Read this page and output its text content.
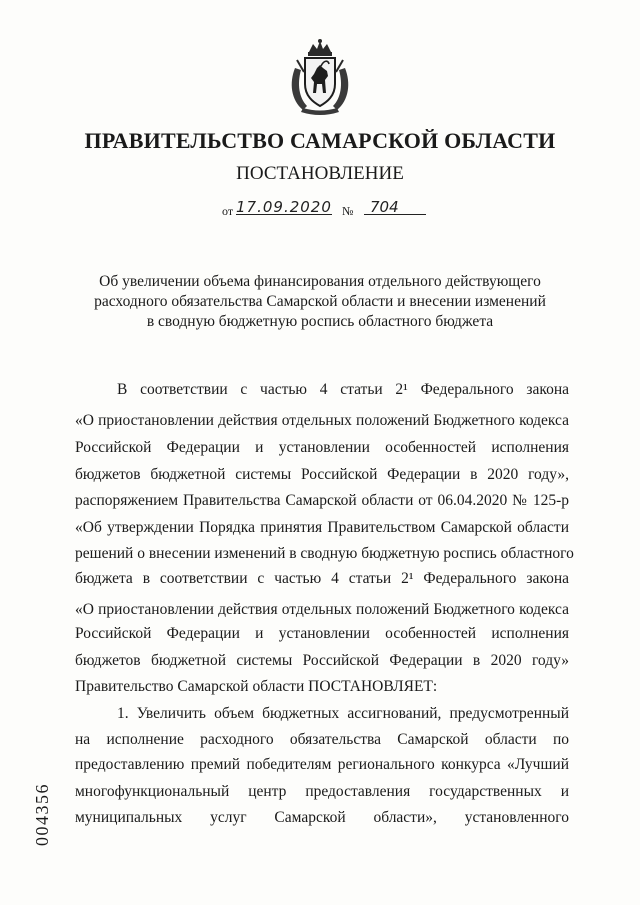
ПРАВИТЕЛЬСТВО САМАРСКОЙ ОБЛАСТИ
ПОСТАНОВЛЕНИЕ
от 17.09.2020 № 704
Об увеличении объема финансирования отдельного действующего
расходного обязательства Самарской области и внесении изменений
в сводную бюджетную роспись областного бюджета
В соответствии с частью 4 статьи 2¹ Федерального закона
«О приостановлении действия отдельных положений Бюджетного кодекса
Российской Федерации и установлении особенностей исполнения
бюджетов бюджетной системы Российской Федерации в 2020 году»,
распоряжением Правительства Самарской области от 06.04.2020 № 125-р
«Об утверждении Порядка принятия Правительством Самарской области
решений о внесении изменений в сводную бюджетную роспись областного
бюджета в соответствии с частью 4 статьи 2¹ Федерального закона
«О приостановлении действия отдельных положений Бюджетного кодекса
Российской Федерации и установлении особенностей исполнения
бюджетов бюджетной системы Российской Федерации в 2020 году»
Правительство Самарской области ПОСТАНОВЛЯЕТ:
1. Увеличить объем бюджетных ассигнований, предусмотренный
на исполнение расходного обязательства Самарской области по
предоставлению премий победителям регионального конкурса «Лучший
многофункциональный центр предоставления государственных и
муниципальных услуг Самарской области», установленного
004356
